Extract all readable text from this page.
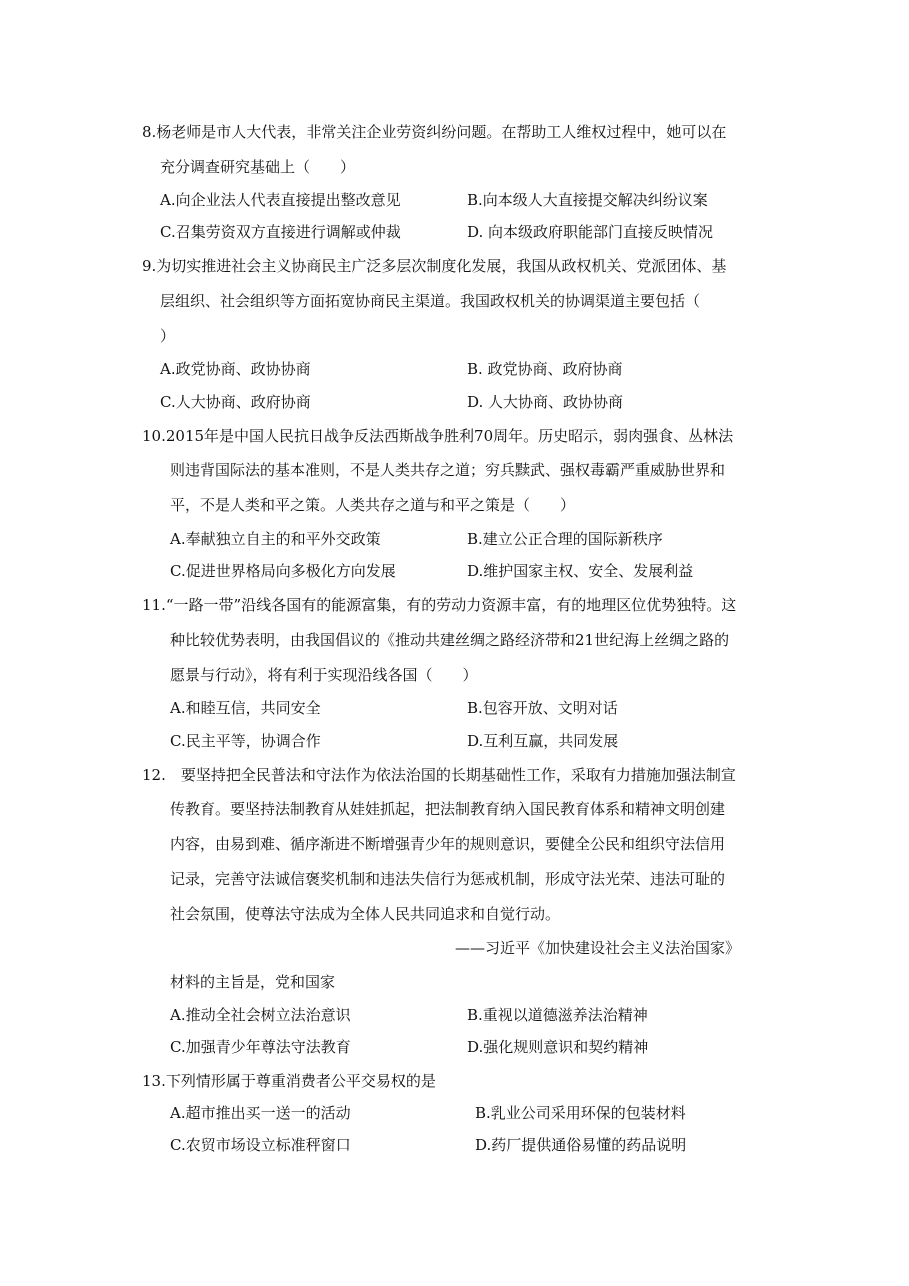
8.杨老师是市人大代表，非常关注企业劳资纠纷问题。在帮助工人维权过程中，她可以在
充分调查研究基础上（　　）
A.向企业法人代表直接提出整改意见	B.向本级人大直接提交解决纠纷议案
C.召集劳资双方直接进行调解或仲裁	D. 向本级政府职能部门直接反映情况
9.为切实推进社会主义协商民主广泛多层次制度化发展，我国从政权机关、党派团体、基
层组织、社会组织等方面拓宽协商民主渠道。我国政权机关的协调渠道主要包括（
）
A.政党协商、政协协商	B. 政党协商、政府协商
C.人大协商、政府协商	D. 人大协商、政协协商
10.2015年是中国人民抗日战争反法西斯战争胜利70周年。历史昭示，弱肉强食、丛林法
则违背国际法的基本准则，不是人类共存之道；穷兵黩武、强权毒霸严重威胁世界和
平，不是人类和平之策。人类共存之道与和平之策是（　　）
A.奉献独立自主的和平外交政策	B.建立公正合理的国际新秩序
C.促进世界格局向多极化方向发展	D.维护国家主权、安全、发展利益
11.“一路一带”沿线各国有的能源富集，有的劳动力资源丰富，有的地理区位优势独特。这
种比较优势表明，由我国倡议的《推动共建丝绸之路经济带和21世纪海上丝绸之路的
愿景与行动》，将有利于实现沿线各国（　　）
A.和睦互信，共同安全	B.包容开放、文明对话
C.民主平等，协调合作	D.互利互赢，共同发展
12.　要坚持把全民普法和守法作为依法治国的长期基础性工作，采取有力措施加强法制宣
传教育。要坚持法制教育从娃娃抓起，把法制教育纳入国民教育体系和精神文明创建
内容，由易到难、循序渐进不断增强青少年的规则意识，要健全公民和组织守法信用
记录，完善守法诚信褒奖机制和违法失信行为惩戒机制，形成守法光荣、违法可耻的
社会氛围，使尊法守法成为全体人民共同追求和自觉行动。
——习近平《加快建设社会主义法治国家》
材料的主旨是，党和国家
A.推动全社会树立法治意识	B.重视以道德滋养法治精神
C.加强青少年尊法守法教育	D.强化规则意识和契约精神
13.下列情形属于尊重消费者公平交易权的是
A.超市推出买一送一的活动	B.乳业公司采用环保的包装材料
C.农贸市场设立标准秤窗口	D.药厂提供通俗易懂的药品说明
